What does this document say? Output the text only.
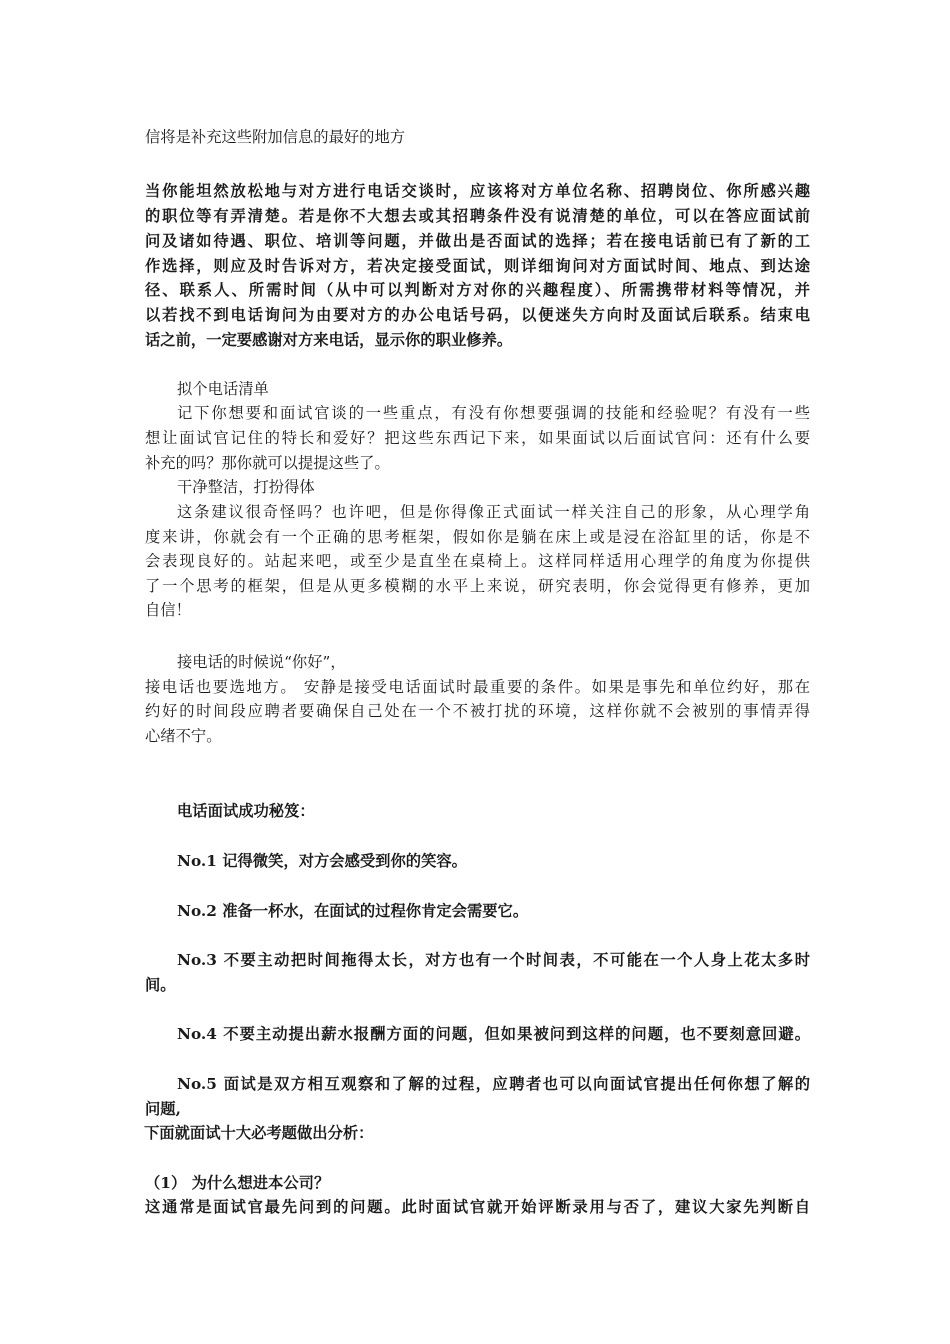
信将是补充这些附加信息的最好的地方
当你能坦然放松地与对方进行电话交谈时，应该将对方单位名称、招聘岗位、你所感兴趣
的职位等有弄清楚。若是你不大想去或其招聘条件没有说清楚的单位，可以在答应面试前
问及诸如待遇、职位、培训等问题，并做出是否面试的选择；若在接电话前已有了新的工
作选择，则应及时告诉对方，若决定接受面试，则详细询问对方面试时间、地点、到达途
径、联系人、所需时间（从中可以判断对方对你的兴趣程度）、所需携带材料等情况，并
以若找不到电话询问为由要对方的办公电话号码，以便迷失方向时及面试后联系。结束电
话之前，一定要感谢对方来电话，显示你的职业修养。
拟个电话清单
记下你想要和面试官谈的一些重点，有没有你想要强调的技能和经验呢？有没有一些
想让面试官记住的特长和爱好？把这些东西记下来，如果面试以后面试官问：还有什么要
补充的吗？那你就可以提提这些了。
干净整洁，打扮得体
这条建议很奇怪吗？也许吧，但是你得像正式面试一样关注自己的形象，从心理学角
度来讲，你就会有一个正确的思考框架，假如你是躺在床上或是浸在浴缸里的话，你是不
会表现良好的。站起来吧，或至少是直坐在桌椅上。这样同样适用心理学的角度为你提供
了一个思考的框架，但是从更多模糊的水平上来说，研究表明，你会觉得更有修养，更加
自信！
接电话的时候说“你好”，
接电话也要选地方。 安静是接受电话面试时最重要的条件。如果是事先和单位约好，那在
约好的时间段应聘者要确保自己处在一个不被打扰的环境，这样你就不会被别的事情弄得
心绪不宁。
电话面试成功秘笈：
No.1 记得微笑，对方会感受到你的笑容。
No.2 准备一杯水，在面试的过程你肯定会需要它。
No.3 不要主动把时间拖得太长，对方也有一个时间表，不可能在一个人身上花太多时
间。
No.4 不要主动提出薪水报酬方面的问题，但如果被问到这样的问题，也不要刻意回避。
No.5 面试是双方相互观察和了解的过程，应聘者也可以向面试官提出任何你想了解的
问题,
下面就面试十大必考题做出分析：
（1） 为什么想进本公司？
这通常是面试官最先问到的问题。此时面试官就开始评断录用与否了，建议大家先判断自
